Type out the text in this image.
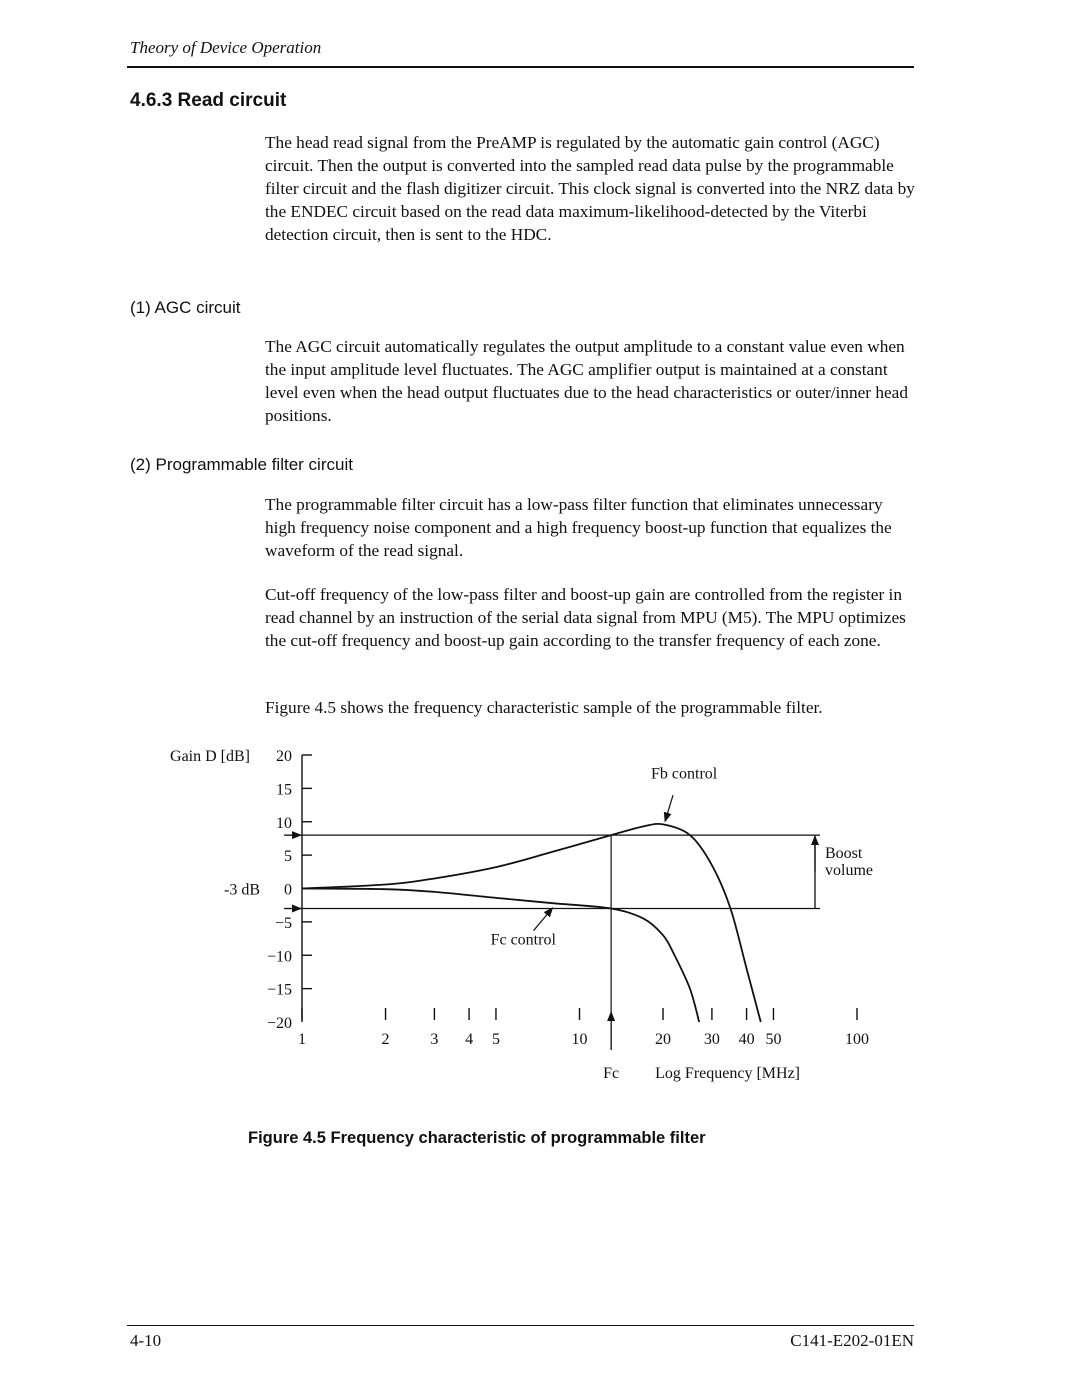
Theory of Device Operation
4.6.3 Read circuit

The head read signal from the PreAMP is regulated by the automatic gain control (AGC) circuit. Then the output is converted into the sampled read data pulse by the programmable filter circuit and the flash digitizer circuit. This clock signal is converted into the NRZ data by the ENDEC circuit based on the read data maximum-likelihood-detected by the Viterbi detection circuit, then is sent to the HDC.

(1) AGC circuit

The AGC circuit automatically regulates the output amplitude to a constant value even when the input amplitude level fluctuates. The AGC amplifier output is maintained at a constant level even when the head output fluctuates due to the head characteristics or outer/inner head positions.

(2) Programmable filter circuit

The programmable filter circuit has a low-pass filter function that eliminates unnecessary high frequency noise component and a high frequency boost-up function that equalizes the waveform of the read signal.

Cut-off frequency of the low-pass filter and boost-up gain are controlled from the register in read channel by an instruction of the serial data signal from MPU (M5). The MPU optimizes the cut-off frequency and boost-up gain according to the transfer frequency of each zone.

Figure 4.5 shows the frequency characteristic sample of the programmable filter.

20
15
10
5
0
−5
−10
−15
−20
1	2	3 4 5	10	20 30 40 50	100
-3 dB
Fc
Fb control
Fc control
Boost
volume
Gain D [dB]
Log Frequency [MHz]
Figure 4.5 Frequency characteristic of programmable filter
4-10	C141-E202-01EN
